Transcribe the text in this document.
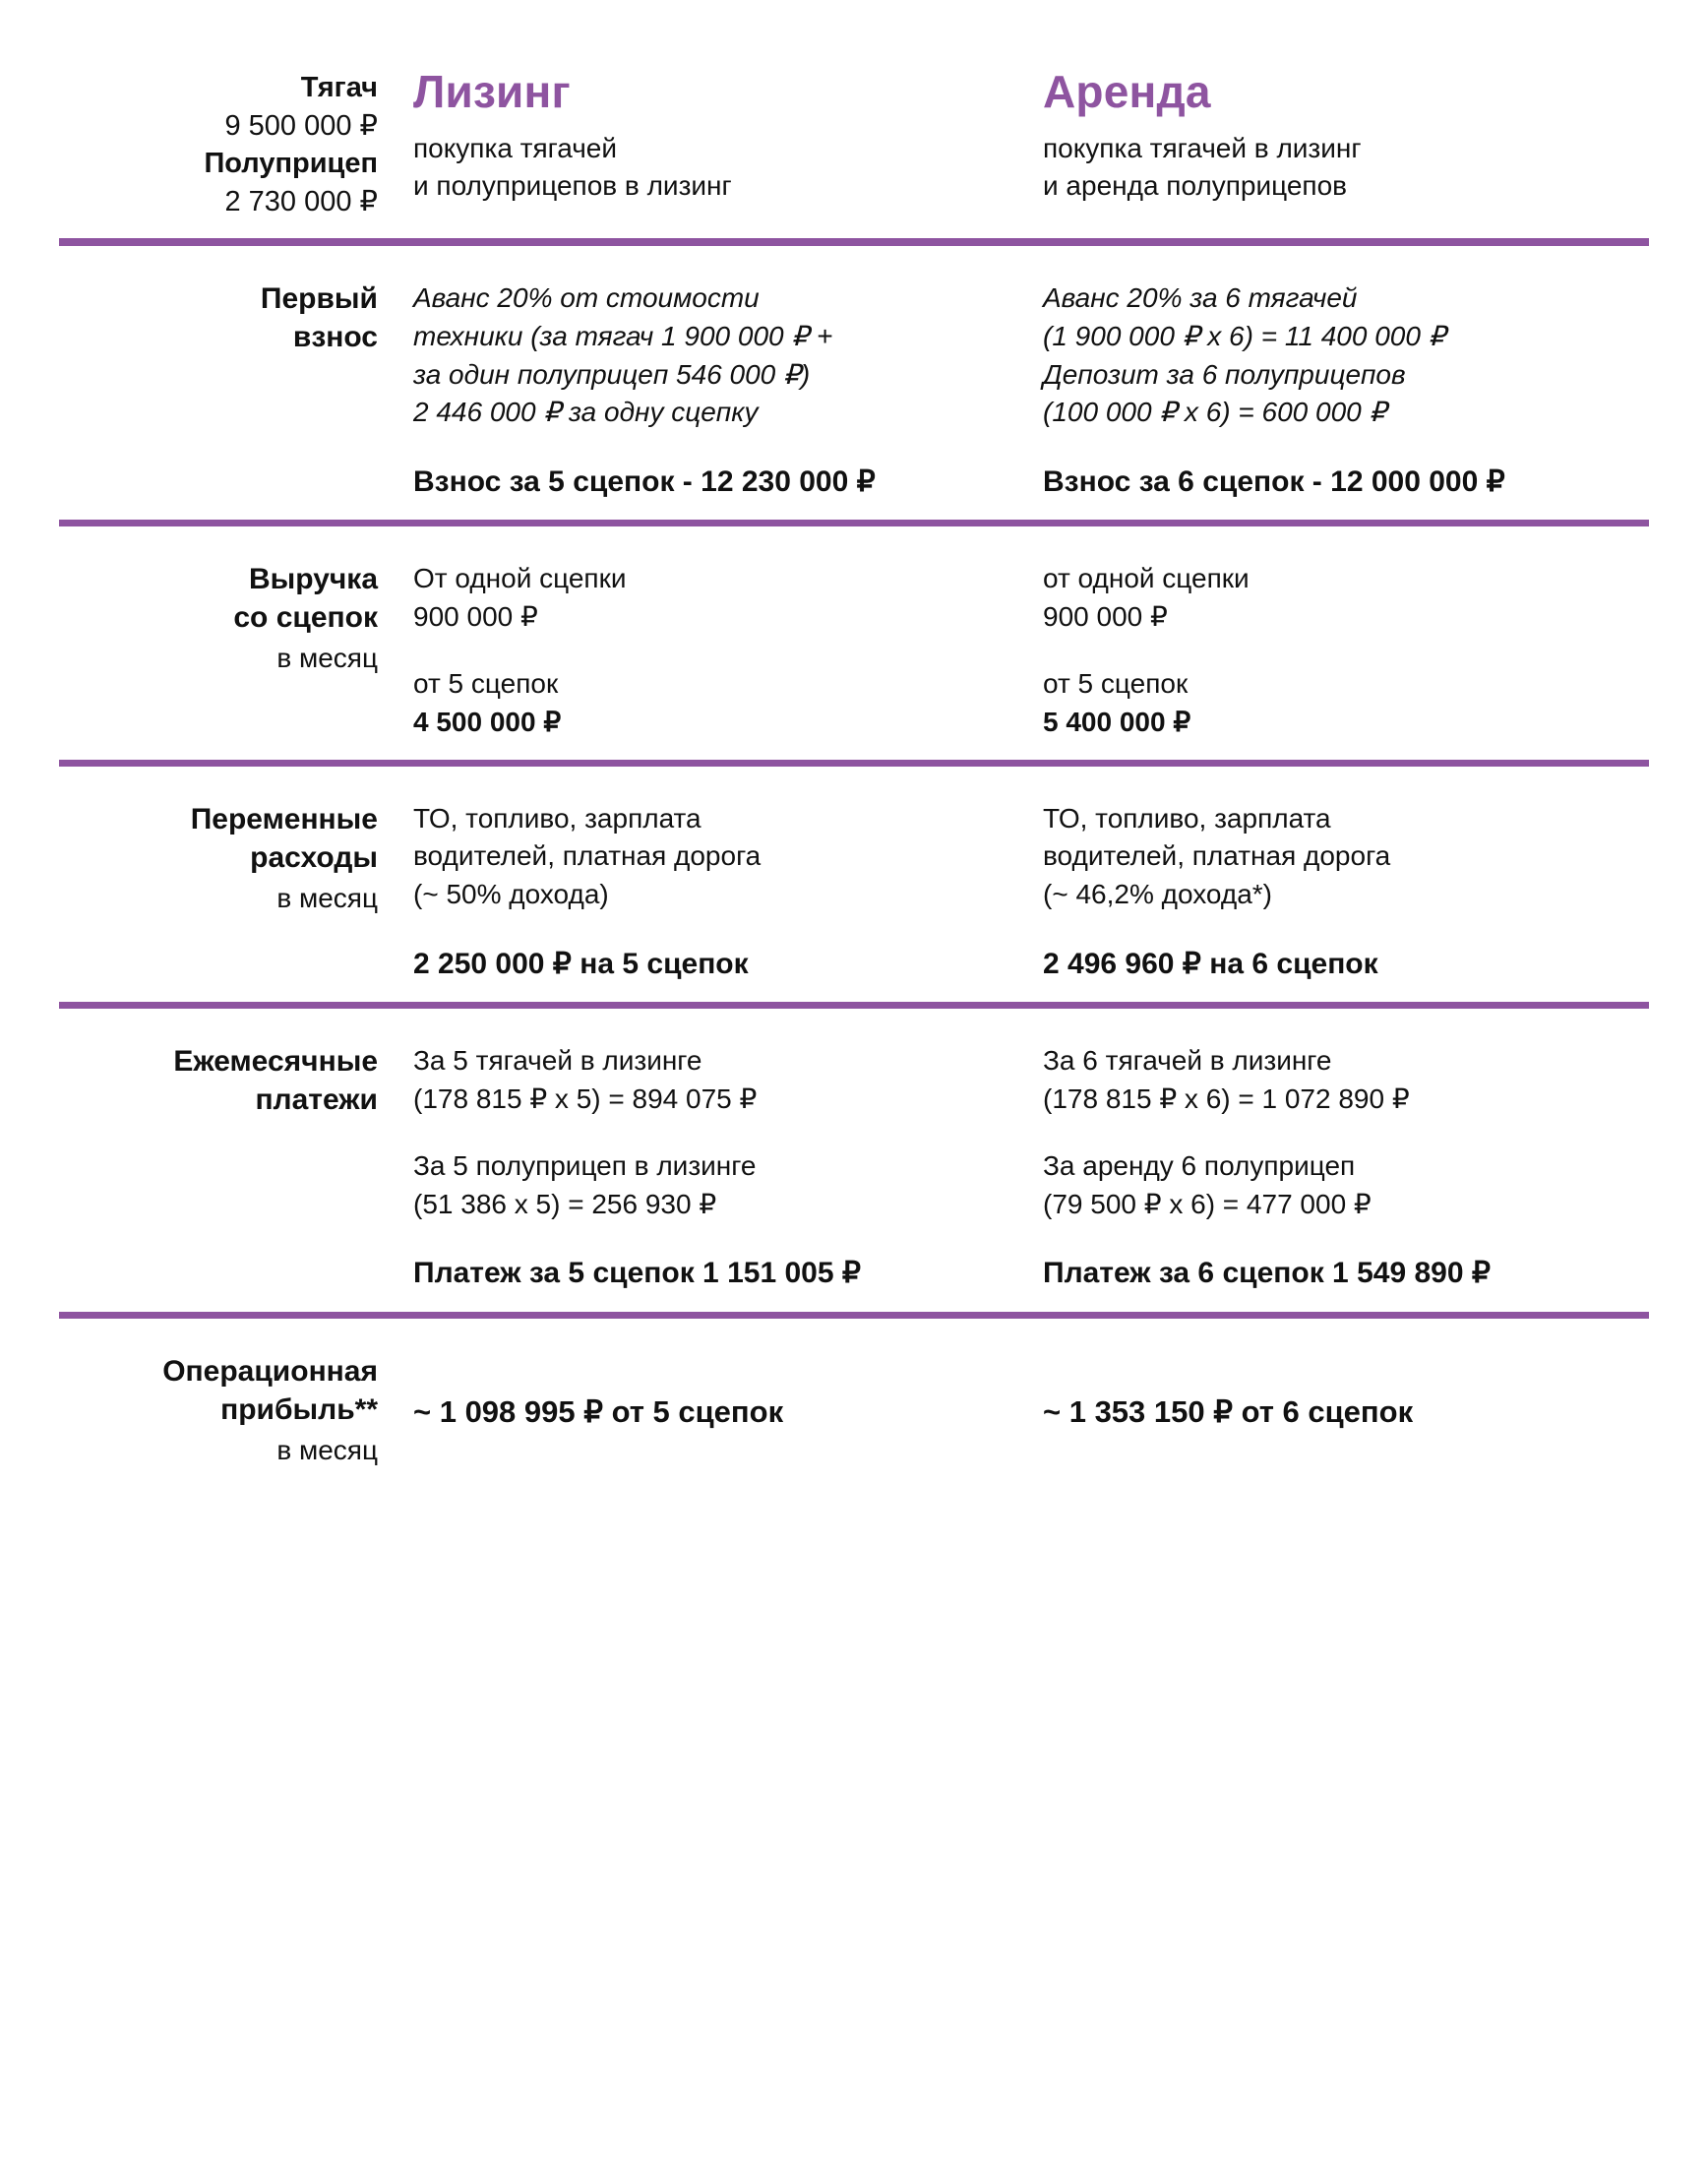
Тягач
9 500 000 ₽
Полуприцеп
2 730 000 ₽
Лизинг
покупка тягачей
и полуприцепов в лизинг
Аренда
покупка тягачей в лизинг
и аренда полуприцепов
Первый
взнос

Аванс 20% от стоимости

техники (за тягач 1 900 000 ₽ +

за один полуприцеп 546 000 ₽)

2 446 000 ₽ за одну сцепку

Взнос за 5 сцепок - 12 230 000 ₽

Аванс 20% за 6 тягачей

(1 900 000 ₽ х 6) = 11 400 000 ₽

Депозит за 6 полуприцепов

(100 000 ₽ х 6) = 600 000 ₽

Взнос за 6 сцепок - 12 000 000 ₽

Выручка
со сцепок
в месяц

От одной сцепки

900 000 ₽

от 5 сцепок

4 500 000 ₽

от одной сцепки

900 000 ₽

от 5 сцепок

5 400 000 ₽

Переменные
расходы
в месяц

ТО, топливо, зарплата

водителей, платная дорога

(~ 50% дохода)

2 250 000 ₽ на 5 сцепок

ТО, топливо, зарплата

водителей, платная дорога

(~ 46,2% дохода*)

2 496 960 ₽ на 6 сцепок

Ежемесячные
платежи

За 5 тягачей в лизинге

(178 815 ₽ х 5) = 894 075 ₽

За 5 полуприцеп в лизинге

(51 386 х 5) = 256 930 ₽

Платеж за 5 сцепок 1 151 005 ₽

За 6 тягачей в лизинге

(178 815 ₽ х 6) = 1 072 890 ₽

За аренду 6 полуприцеп

(79 500 ₽ х 6) = 477 000 ₽

Платеж за 6 сцепок 1 549 890 ₽

Операционная
прибыль**
в месяц
~ 1 098 995 ₽ от 5 сцепок	~ 1 353 150 ₽ от 6 сцепок
